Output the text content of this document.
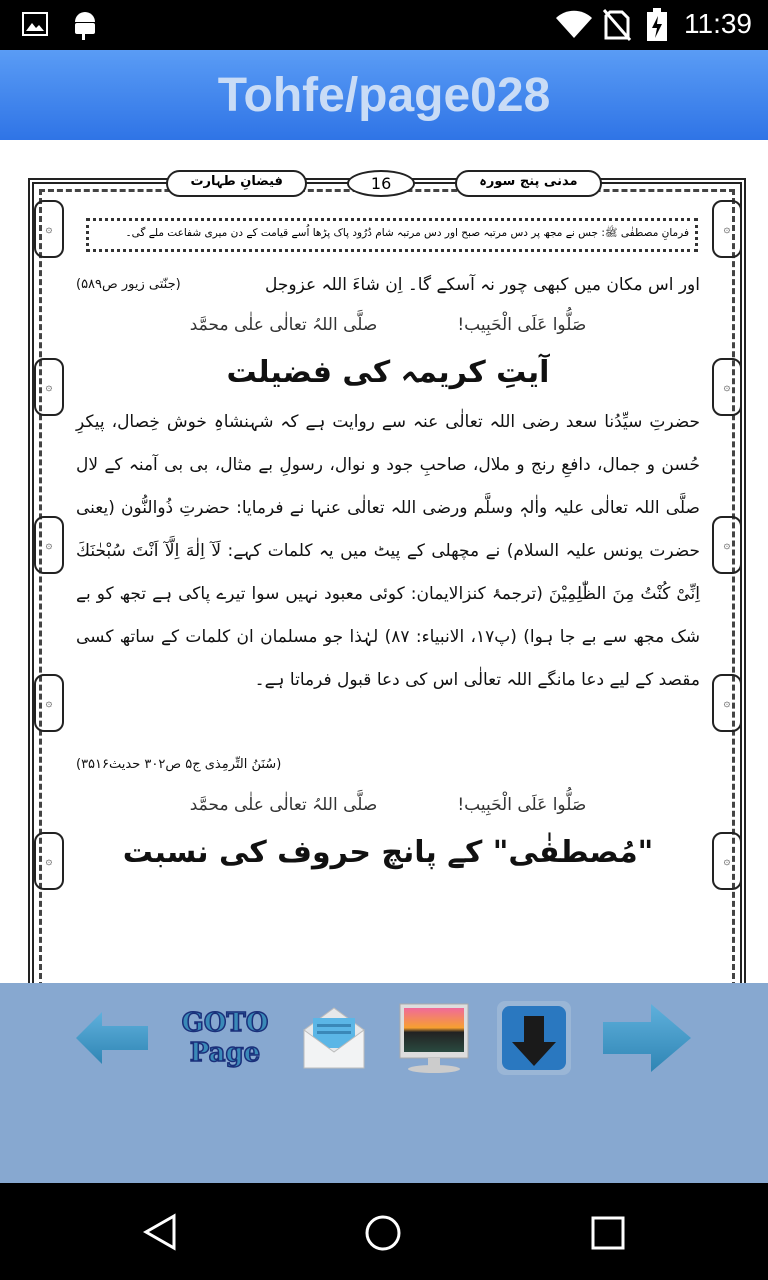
11:39
Tohfe/page028
۞
۞
۞
۞
۞
۞
۞
۞
۞
۞
مدنی پنج سورہ
16
فیضانِ طہارت
فرمانِ مصطفٰی ﷺ: جس نے مجھ پر دس مرتبہ صبح اور دس مرتبہ شام دُرُود پاک پڑھا اُسے قیامت کے دن میری شفاعت ملے گی۔
اور اس مکان میں کبھی چور نہ آسکے گا۔ اِن شاءَ اللہ عزوجل
(جنّتی زیور ص۵۸۹)
صَلُّوا عَلَی الْحَبِیب!
صلَّی اللہُ تعالٰی علٰی محمَّد
آیتِ کریمہ کی فضیلت
حضرتِ سیِّدُنا سعد رضی اللہ تعالٰی عنہ سے روایت ہے کہ شہنشاہِ خوش خِصال، پیکرِ حُسن و جمال، دافعِ رنج و ملال، صاحبِ جود و نوال، رسولِ بے مثال، بی بی آمنہ کے لال صلَّی اللہ تعالٰی علیہ واٰلہٖ وسلَّم ورضی اللہ تعالٰی عنہا نے فرمایا: حضرتِ ذُوالنُّون (یعنی حضرت یونس علیہ السلام) نے مچھلی کے پیٹ میں یہ کلمات کہے: لَآ اِلٰهَ اِلَّآ اَنْتَ سُبْحٰنَكَ اِنِّیْ كُنْتُ مِنَ الظّٰلِمِیْنَ (ترجمۂ کنزالایمان: کوئی معبود نہیں سوا تیرے پاکی ہے تجھ کو بے شک مجھ سے بے جا ہوا) (پ۱۷، الانبیاء: ۸۷) لہٰذا جو مسلمان ان کلمات کے ساتھ کسی مقصد کے لیے دعا مانگے اللہ تعالٰی اس کی دعا قبول فرماتا ہے۔
(سُنَنُ التِّرمِذی ج۵ ص۳۰۲ حدیث۳۵۱۶)
صَلُّوا عَلَی الْحَبِیب!
صلَّی اللہُ تعالٰی علٰی محمَّد
"مُصطفٰی" کے پانچ حروف کی نسبت
GOTO
Page
